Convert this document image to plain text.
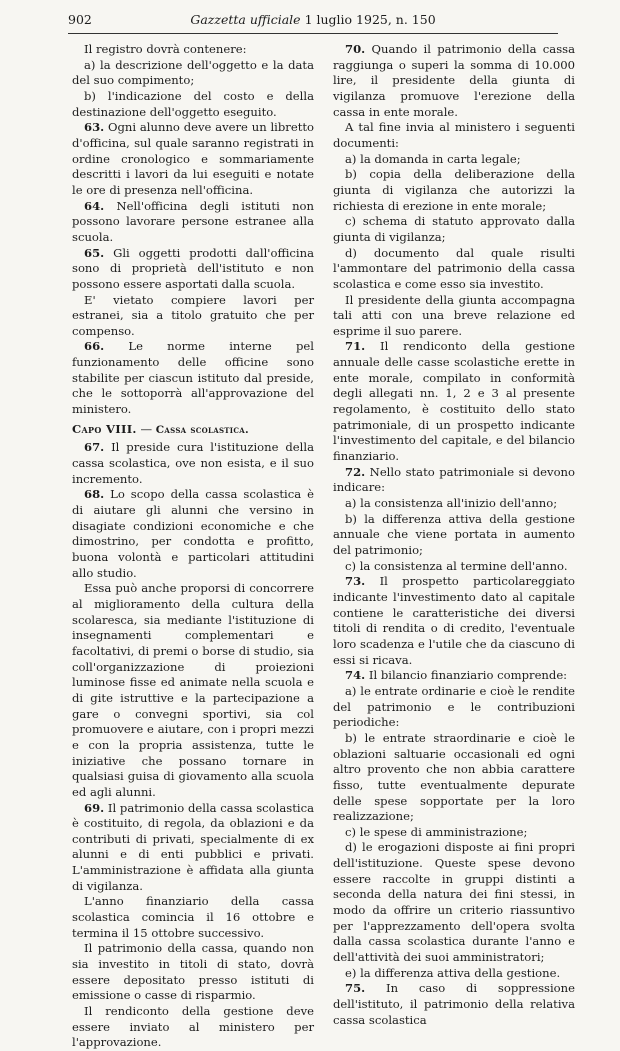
902	Gazzetta ufficiale 1 luglio 1925, n. 150

Il registro dovrà contenere:

a) la descrizione dell'oggetto e la data del suo compimento;

b) l'indicazione del costo e della destinazione dell'oggetto eseguito.

63. Ogni alunno deve avere un libretto d'officina, sul quale saranno registrati in ordine cronologico e sommariamente descritti i lavori da lui eseguiti e notate le ore di presenza nell'officina.

64. Nell'officina degli istituti non possono lavorare persone estranee alla scuola.

65. Gli oggetti prodotti dall'officina sono di proprietà dell'istituto e non possono essere asportati dalla scuola.

E' vietato compiere lavori per estranei, sia a titolo gratuito che per compenso.

66. Le norme interne pel funzionamento delle officine sono stabilite per ciascun istituto dal preside, che le sottoporrà all'approvazione del ministero.

Capo VIII. — Cassa scolastica.

67. Il preside cura l'istituzione della cassa scolastica, ove non esista, e il suo incremento.

68. Lo scopo della cassa scolastica è di aiutare gli alunni che versino in disagiate condizioni economiche e che dimostrino, per condotta e profitto, buona volontà e particolari attitudini allo studio.

Essa può anche proporsi di concorrere al miglioramento della cultura della scolaresca, sia mediante l'istituzione di insegnamenti complementari e facoltativi, di premi o borse di studio, sia coll'organizzazione di proiezioni luminose fisse ed animate nella scuola e di gite istruttive e la partecipazione a gare o convegni sportivi, sia col promuovere e aiutare, con i propri mezzi e con la propria assistenza, tutte le iniziative che possano tornare in qualsiasi guisa di giovamento alla scuola ed agli alunni.

69. Il patrimonio della cassa scolastica è costituito, di regola, da oblazioni e da contributi di privati, specialmente di ex alunni e di enti pubblici e privati. L'amministrazione è affidata alla giunta di vigilanza.

L'anno finanziario della cassa scolastica comincia il 16 ottobre e termina il 15 ottobre successivo.

Il patrimonio della cassa, quando non sia investito in titoli di stato, dovrà essere depositato presso istituti di emissione o casse di risparmio.

Il rendiconto della gestione deve essere inviato al ministero per l'approvazione.

70. Quando il patrimonio della cassa raggiunga o superi la somma di 10.000 lire, il presidente della giunta di vigilanza promuove l'erezione della cassa in ente morale.

A tal fine invia al ministero i seguenti documenti:

a) la domanda in carta legale;

b) copia della deliberazione della giunta di vigilanza che autorizzi la richiesta di erezione in ente morale;

c) schema di statuto approvato dalla giunta di vigilanza;

d) documento dal quale risulti l'ammontare del patrimonio della cassa scolastica e come esso sia investito.

Il presidente della giunta accompagna tali atti con una breve relazione ed esprime il suo parere.

71. Il rendiconto della gestione annuale delle casse scolastiche erette in ente morale, compilato in conformità degli allegati nn. 1, 2 e 3 al presente regolamento, è costituito dello stato patrimoniale, di un prospetto indicante l'investimento del capitale, e del bilancio finanziario.

72. Nello stato patrimoniale si devono indicare:

a) la consistenza all'inizio dell'anno;

b) la differenza attiva della gestione annuale che viene portata in aumento del patrimonio;

c) la consistenza al termine dell'anno.

73. Il prospetto particolareggiato indicante l'investimento dato al capitale contiene le caratteristiche dei diversi titoli di rendita o di credito, l'eventuale loro scadenza e l'utile che da ciascuno di essi si ricava.

74. Il bilancio finanziario comprende:

a) le entrate ordinarie e cioè le rendite del patrimonio e le contribuzioni periodiche:

b) le entrate straordinarie e cioè le oblazioni saltuarie occasionali ed ogni altro provento che non abbia carattere fisso, tutte eventualmente depurate delle spese sopportate per la loro realizzazione;

c) le spese di amministrazione;

d) le erogazioni disposte ai fini propri dell'istituzione. Queste spese devono essere raccolte in gruppi distinti a seconda della natura dei fini stessi, in modo da offrire un criterio riassuntivo per l'apprezzamento dell'opera svolta dalla cassa scolastica durante l'anno e dell'attività dei suoi amministratori;

e) la differenza attiva della gestione.

75. In caso di soppressione dell'istituto, il patrimonio della relativa cassa scolastica
